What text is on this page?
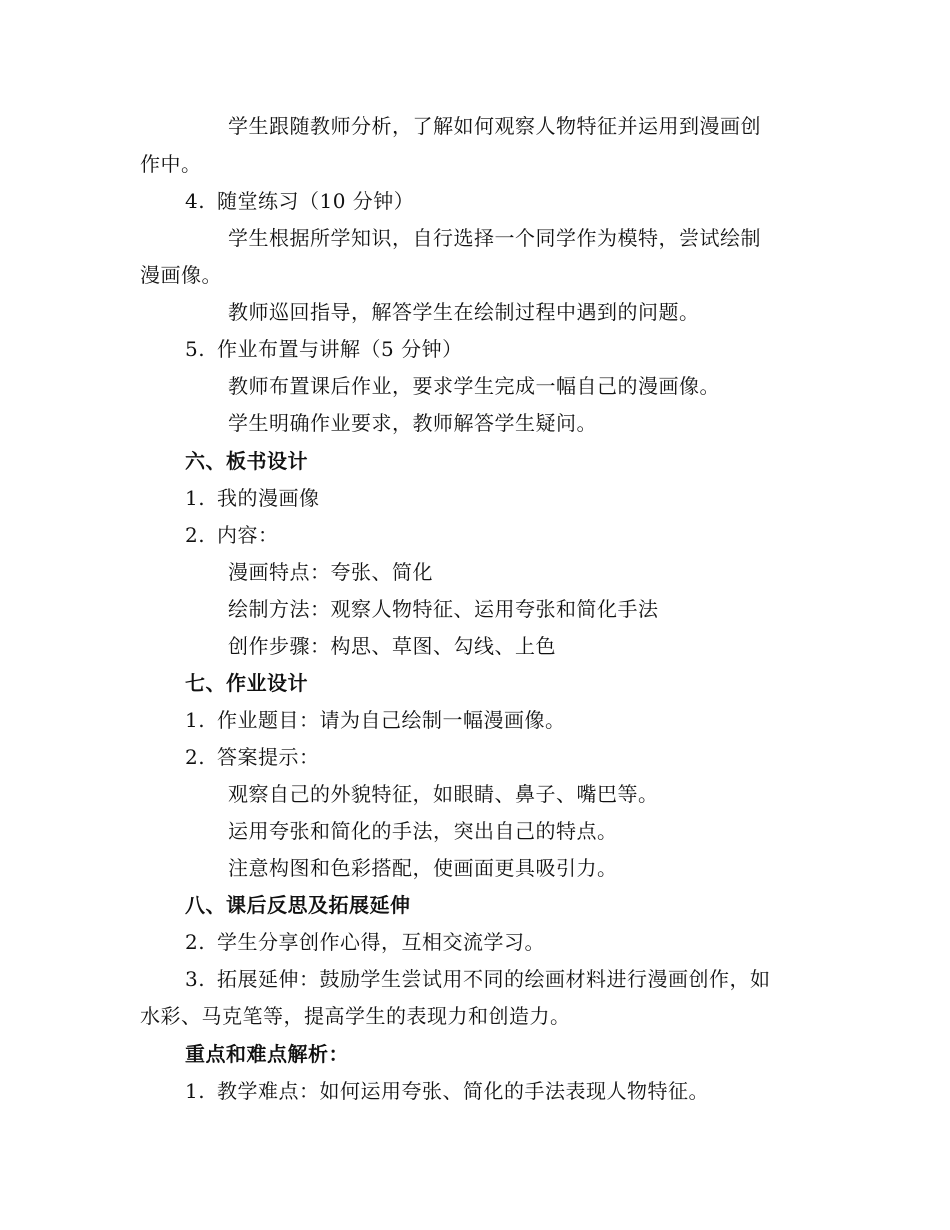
学生跟随教师分析，了解如何观察人物特征并运用到漫画创
作中。
4. 随堂练习（10 分钟）
学生根据所学知识，自行选择一个同学作为模特，尝试绘制
漫画像。
教师巡回指导，解答学生在绘制过程中遇到的问题。
5. 作业布置与讲解（5 分钟）
教师布置课后作业，要求学生完成一幅自己的漫画像。
学生明确作业要求，教师解答学生疑问。
六、板书设计
1. 我的漫画像
2. 内容：
漫画特点：夸张、简化
绘制方法：观察人物特征、运用夸张和简化手法
创作步骤：构思、草图、勾线、上色
七、作业设计
1. 作业题目：请为自己绘制一幅漫画像。
2. 答案提示：
观察自己的外貌特征，如眼睛、鼻子、嘴巴等。
运用夸张和简化的手法，突出自己的特点。
注意构图和色彩搭配，使画面更具吸引力。
八、课后反思及拓展延伸
2. 学生分享创作心得，互相交流学习。
3. 拓展延伸：鼓励学生尝试用不同的绘画材料进行漫画创作，如
水彩、马克笔等，提高学生的表现力和创造力。
重点和难点解析：
1. 教学难点：如何运用夸张、简化的手法表现人物特征。
